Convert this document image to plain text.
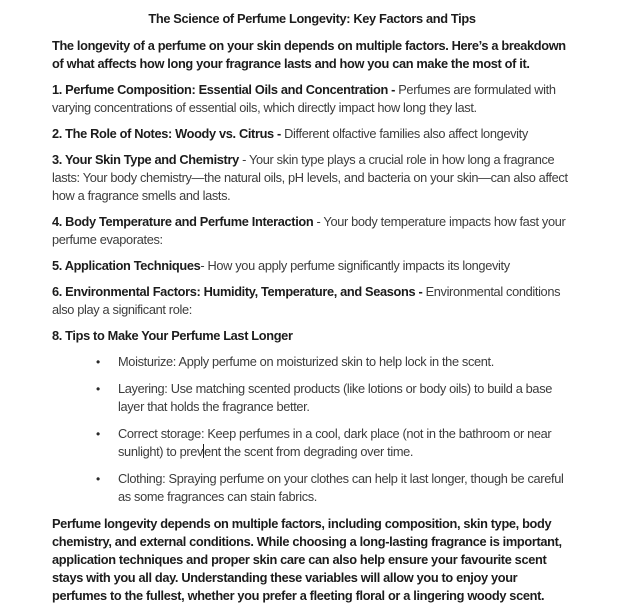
The Science of Perfume Longevity: Key Factors and Tips

The longevity of a perfume on your skin depends on multiple factors. Here’s a breakdown of what affects how long your fragrance lasts and how you can make the most of it.

1. Perfume Composition: Essential Oils and Concentration - Perfumes are formulated with varying concentrations of essential oils, which directly impact how long they last.

2. The Role of Notes: Woody vs. Citrus - Different olfactive families also affect longevity

3. Your Skin Type and Chemistry - Your skin type plays a crucial role in how long a fragrance lasts: Your body chemistry—the natural oils, pH levels, and bacteria on your skin—can also affect how a fragrance smells and lasts.

4. Body Temperature and Perfume Interaction - Your body temperature impacts how fast your perfume evaporates:

5. Application Techniques- How you apply perfume significantly impacts its longevity

6. Environmental Factors: Humidity, Temperature, and Seasons - Environmental conditions also play a significant role:

8. Tips to Make Your Perfume Last Longer
• Moisturize: Apply perfume on moisturized skin to help lock in the scent.
• Layering: Use matching scented products (like lotions or body oils) to build a base layer that holds the fragrance better.
• Correct storage: Keep perfumes in a cool, dark place (not in the bathroom or near sunlight) to prevent the scent from degrading over time.
• Clothing: Spraying perfume on your clothes can help it last longer, though be careful as some fragrances can stain fabrics.

Perfume longevity depends on multiple factors, including composition, skin type, body chemistry, and external conditions. While choosing a long-lasting fragrance is important, application techniques and proper skin care can also help ensure your favourite scent stays with you all day. Understanding these variables will allow you to enjoy your perfumes to the fullest, whether you prefer a fleeting floral or a lingering woody scent.
